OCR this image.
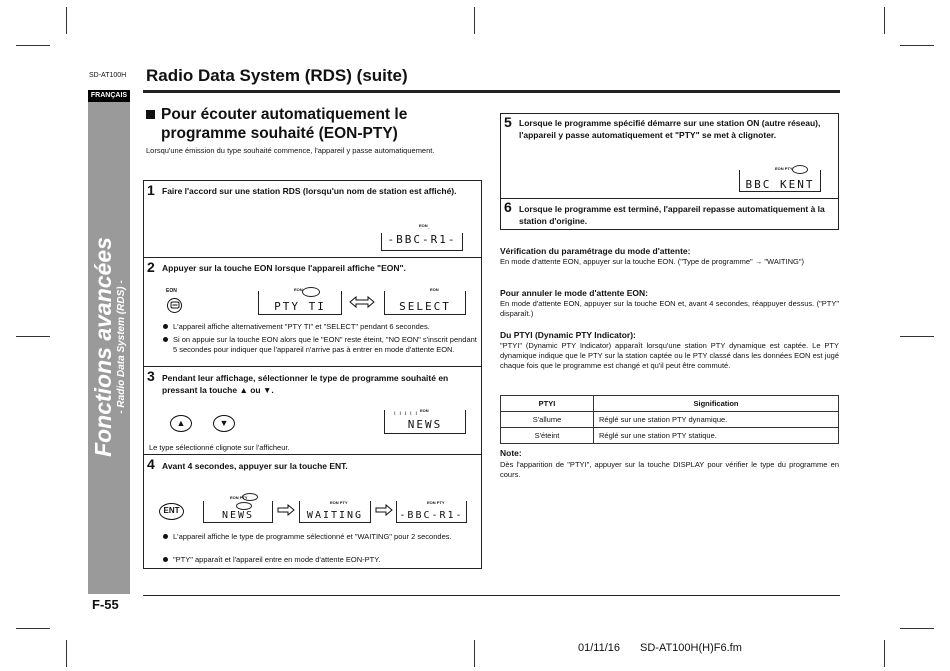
SD-AT100H Radio Data System (RDS) (suite)
FRANÇAIS
Fonctions avancées - Radio Data System (RDS) -
Pour écouter automatiquement le programme souhaité (EON-PTY)
Lorsqu'une émission du type souhaité commence, l'appareil y passe automatiquement.
1 Faire l'accord sur une station RDS (lorsqu'un nom de station est affiché).
EON
·
-BBC-R1-
2 Appuyer sur la touche EON lorsque l'appareil affiche "EON".
EON	EON
PTY TI
EON
SELECT
L'appareil affiche alternativement "PTY TI" et "SELECT" pendant 6 secondes.
Si on appuie sur la touche EON alors que le "EON" reste éteint, "NO EON" s'inscrit pendant 5 secondes pour indiquer que l'appareil n'arrive pas à entrer en mode d'attente EON.
3 Pendant leur affichage, sélectionner le type de programme souhaité en pressant la touche ▲ ou ▼.
▲	▼
EON
ı ı ı ı ı
NEWS
Le type sélectionné clignote sur l'afficheur.
4 Avant 4 secondes, appuyer sur la touche ENT.
ENT
EON PTY
NEWS
EON PTY
WAITING
EON PTY
-BBC-R1-
L'appareil affiche le type de programme sélectionné et "WAITING" pour 2 secondes.
"PTY" apparaît et l'appareil entre en mode d'attente EON-PTY.
5 Lorsque le programme spécifié démarre sur une station ON (autre réseau), l'appareil y passe automatiquement et "PTY" se met à clignoter.
EON PTY
BBC KENT
6 Lorsque le programme est terminé, l'appareil repasse automatiquement à la station d'origine.
Vérification du paramétrage du mode d'attente:
En mode d'attente EON, appuyer sur la touche EON. ("Type de programme" → "WAITING")
Pour annuler le mode d'attente EON:
En mode d'attente EON, appuyer sur la touche EON et, avant 4 secondes, réappuyer dessus. ("PTY" disparaît.)
Du PTYI (Dynamic PTY Indicator):
"PTYI" (Dynamic PTY Indicator) apparaît lorsqu'une station PTY dynamique est captée. Le PTY dynamique indique que le PTY sur la station captée ou le PTY classé dans les données EON est jugé chaque fois que le programme est changé et qu'il peut être commuté.
PTYI	Signification
S'allume	Réglé sur une station PTY dynamique.
S'éteint	Réglé sur une station PTY statique.
Note:
Dès l'apparition de "PTYI", appuyer sur la touche DISPLAY pour vérifier le type du programme en cours.
F-55
01/11/16 SD-AT100H(H)F6.fm
